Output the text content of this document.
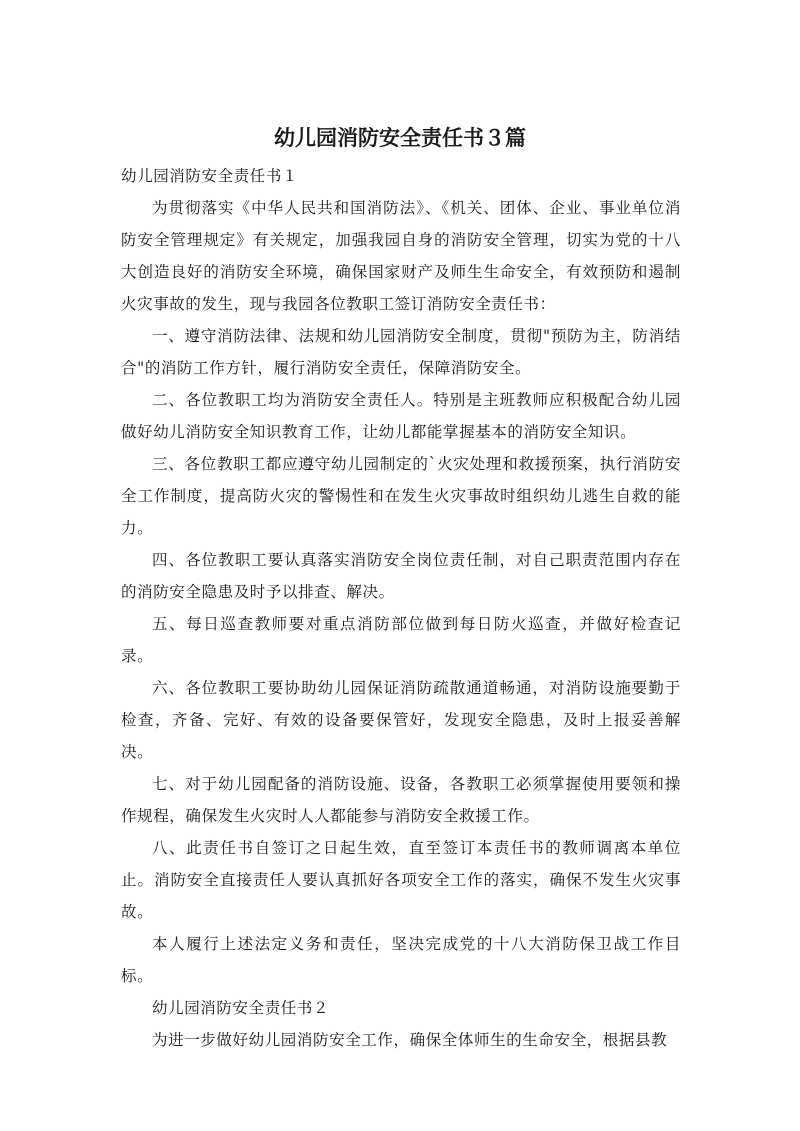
幼儿园消防安全责任书３篇

幼儿园消防安全责任书１

为贯彻落实《中华人民共和国消防法》、《机关、团体、企业、事业单位消防安全管理规定》有关规定，加强我园自身的消防安全管理，切实为党的十八大创造良好的消防安全环境，确保国家财产及师生生命安全，有效预防和遏制火灾事故的发生，现与我园各位教职工签订消防安全责任书：

一、遵守消防法律、法规和幼儿园消防安全制度，贯彻"预防为主，防消结合"的消防工作方针，履行消防安全责任，保障消防安全。

二、各位教职工均为消防安全责任人。特别是主班教师应积极配合幼儿园做好幼儿消防安全知识教育工作，让幼儿都能掌握基本的消防安全知识。

三、各位教职工都应遵守幼儿园制定的`火灾处理和救援预案，执行消防安全工作制度，提高防火灾的警惕性和在发生火灾事故时组织幼儿逃生自救的能力。

四、各位教职工要认真落实消防安全岗位责任制，对自己职责范围内存在的消防安全隐患及时予以排查、解决。

五、每日巡查教师要对重点消防部位做到每日防火巡查，并做好检查记录。

六、各位教职工要协助幼儿园保证消防疏散通道畅通，对消防设施要勤于检查，齐备、完好、有效的设备要保管好，发现安全隐患，及时上报妥善解决。

七、对于幼儿园配备的消防设施、设备，各教职工必须掌握使用要领和操作规程，确保发生火灾时人人都能参与消防安全救援工作。

八、此责任书自签订之日起生效，直至签订本责任书的教师调离本单位止。消防安全直接责任人要认真抓好各项安全工作的落实，确保不发生火灾事故。

本人履行上述法定义务和责任，坚决完成党的十八大消防保卫战工作目标。

幼儿园消防安全责任书２

为进一步做好幼儿园消防安全工作，确保全体师生的生命安全，根据县教
